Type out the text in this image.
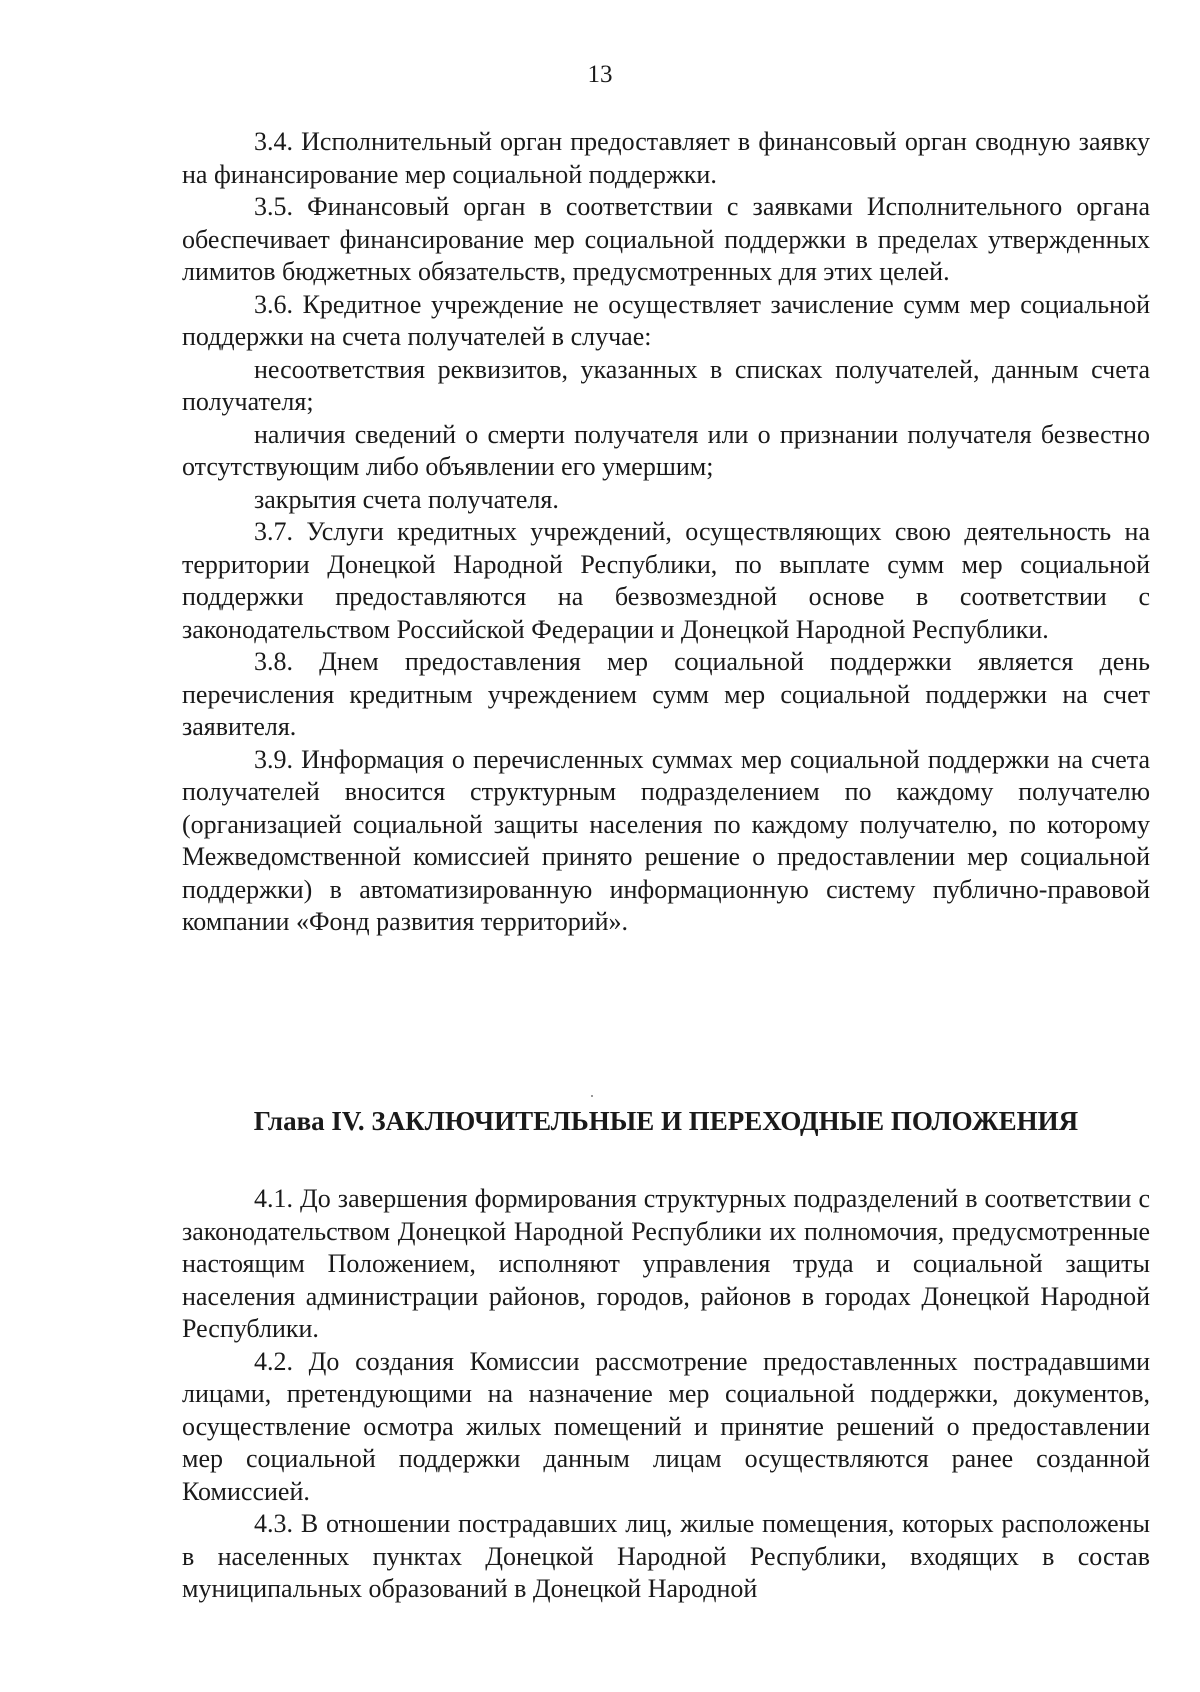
13

3.4. Исполнительный орган предоставляет в финансовый орган сводную заявку на финансирование мер социальной поддержки.

3.5. Финансовый орган в соответствии с заявками Исполнительного органа обеспечивает финансирование мер социальной поддержки в пределах утвержденных лимитов бюджетных обязательств, предусмотренных для этих целей.

3.6. Кредитное учреждение не осуществляет зачисление сумм мер социальной поддержки на счета получателей в случае:

несоответствия реквизитов, указанных в списках получателей, данным счета получателя;

наличия сведений о смерти получателя или о признании получателя безвестно отсутствующим либо объявлении его умершим;

закрытия счета получателя.

3.7. Услуги кредитных учреждений, осуществляющих свою деятельность на территории Донецкой Народной Республики, по выплате сумм мер социальной поддержки предоставляются на безвозмездной основе в соответствии с законодательством Российской Федерации и Донецкой Народной Республики.

3.8. Днем предоставления мер социальной поддержки является день перечисления кредитным учреждением сумм мер социальной поддержки на счет заявителя.

3.9. Информация о перечисленных суммах мер социальной поддержки на счета получателей вносится структурным подразделением по каждому получателю (организацией социальной защиты населения по каждому получателю, по которому Межведомственной комиссией принято решение о предоставлении мер социальной поддержки) в автоматизированную информационную систему публично-правовой компании «Фонд развития территорий».

Глава IV. ЗАКЛЮЧИТЕЛЬНЫЕ И ПЕРЕХОДНЫЕ ПОЛОЖЕНИЯ

4.1. До завершения формирования структурных подразделений в соответствии с законодательством Донецкой Народной Республики их полномочия, предусмотренные настоящим Положением, исполняют управления труда и социальной защиты населения администрации районов, городов, районов в городах Донецкой Народной Республики.

4.2. До создания Комиссии рассмотрение предоставленных пострадавшими лицами, претендующими на назначение мер социальной поддержки, документов, осуществление осмотра жилых помещений и принятие решений о предоставлении мер социальной поддержки данным лицам осуществляются ранее созданной Комиссией.

4.3. В отношении пострадавших лиц, жилые помещения, которых расположены в населенных пунктах Донецкой Народной Республики, входящих в состав муниципальных образований в Донецкой Народной
